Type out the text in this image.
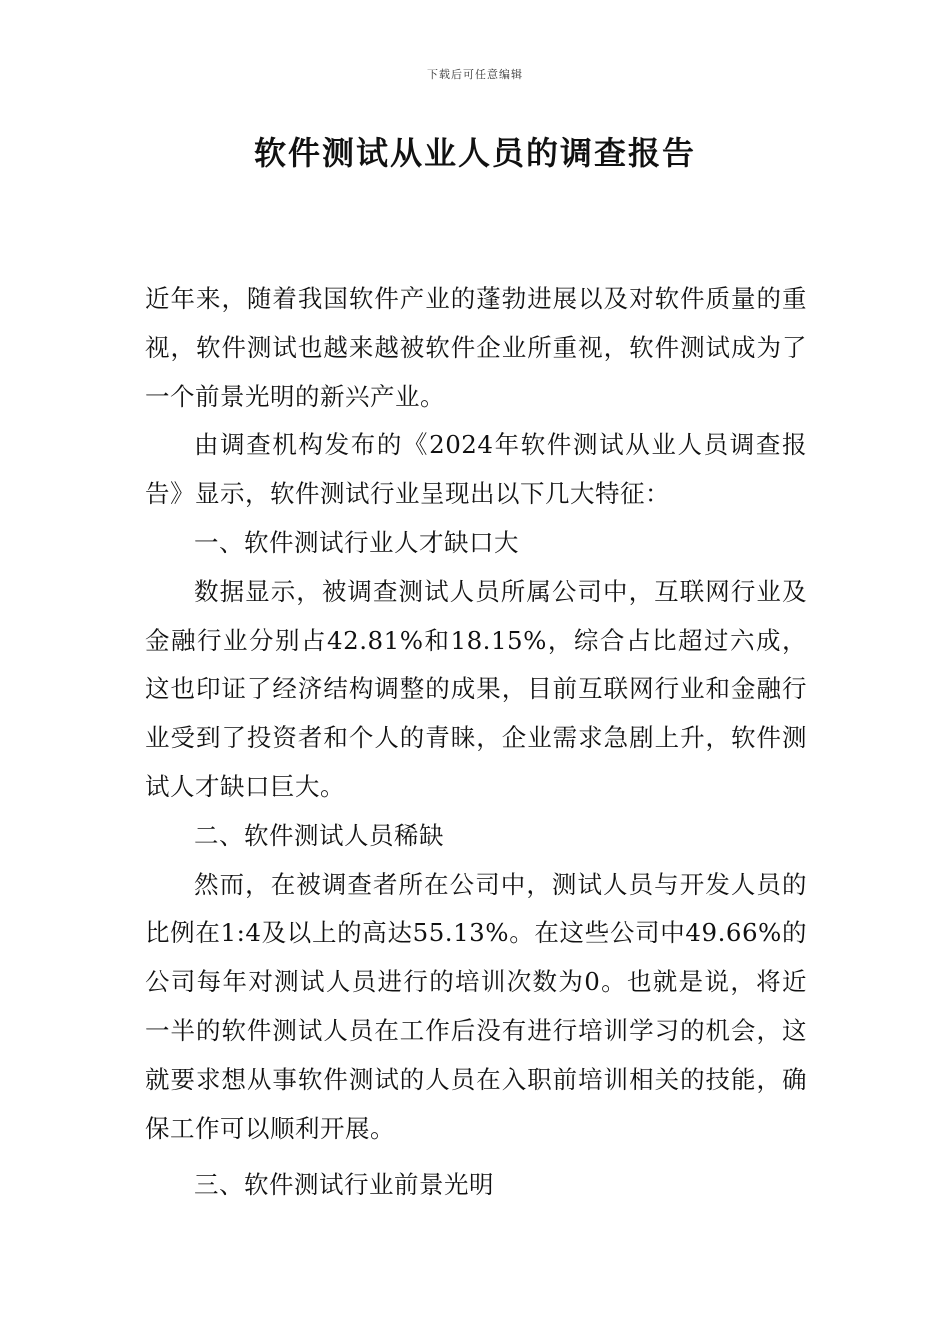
下载后可任意编辑
软件测试从业人员的调查报告

近年来，随着我国软件产业的蓬勃进展以及对软件质量的重视，软件测试也越来越被软件企业所重视，软件测试成为了一个前景光明的新兴产业。

由调查机构发布的《2024年软件测试从业人员调查报告》显示，软件测试行业呈现出以下几大特征：

一、软件测试行业人才缺口大

数据显示，被调查测试人员所属公司中，互联网行业及金融行业分别占42.81%和18.15%，综合占比超过六成，这也印证了经济结构调整的成果，目前互联网行业和金融行业受到了投资者和个人的青睐，企业需求急剧上升，软件测试人才缺口巨大。

二、软件测试人员稀缺

然而，在被调查者所在公司中，测试人员与开发人员的比例在1:4及以上的高达55.13%。在这些公司中49.66%的公司每年对测试人员进行的培训次数为0。也就是说，将近一半的软件测试人员在工作后没有进行培训学习的机会，这就要求想从事软件测试的人员在入职前培训相关的技能，确保工作可以顺利开展。

三、软件测试行业前景光明
